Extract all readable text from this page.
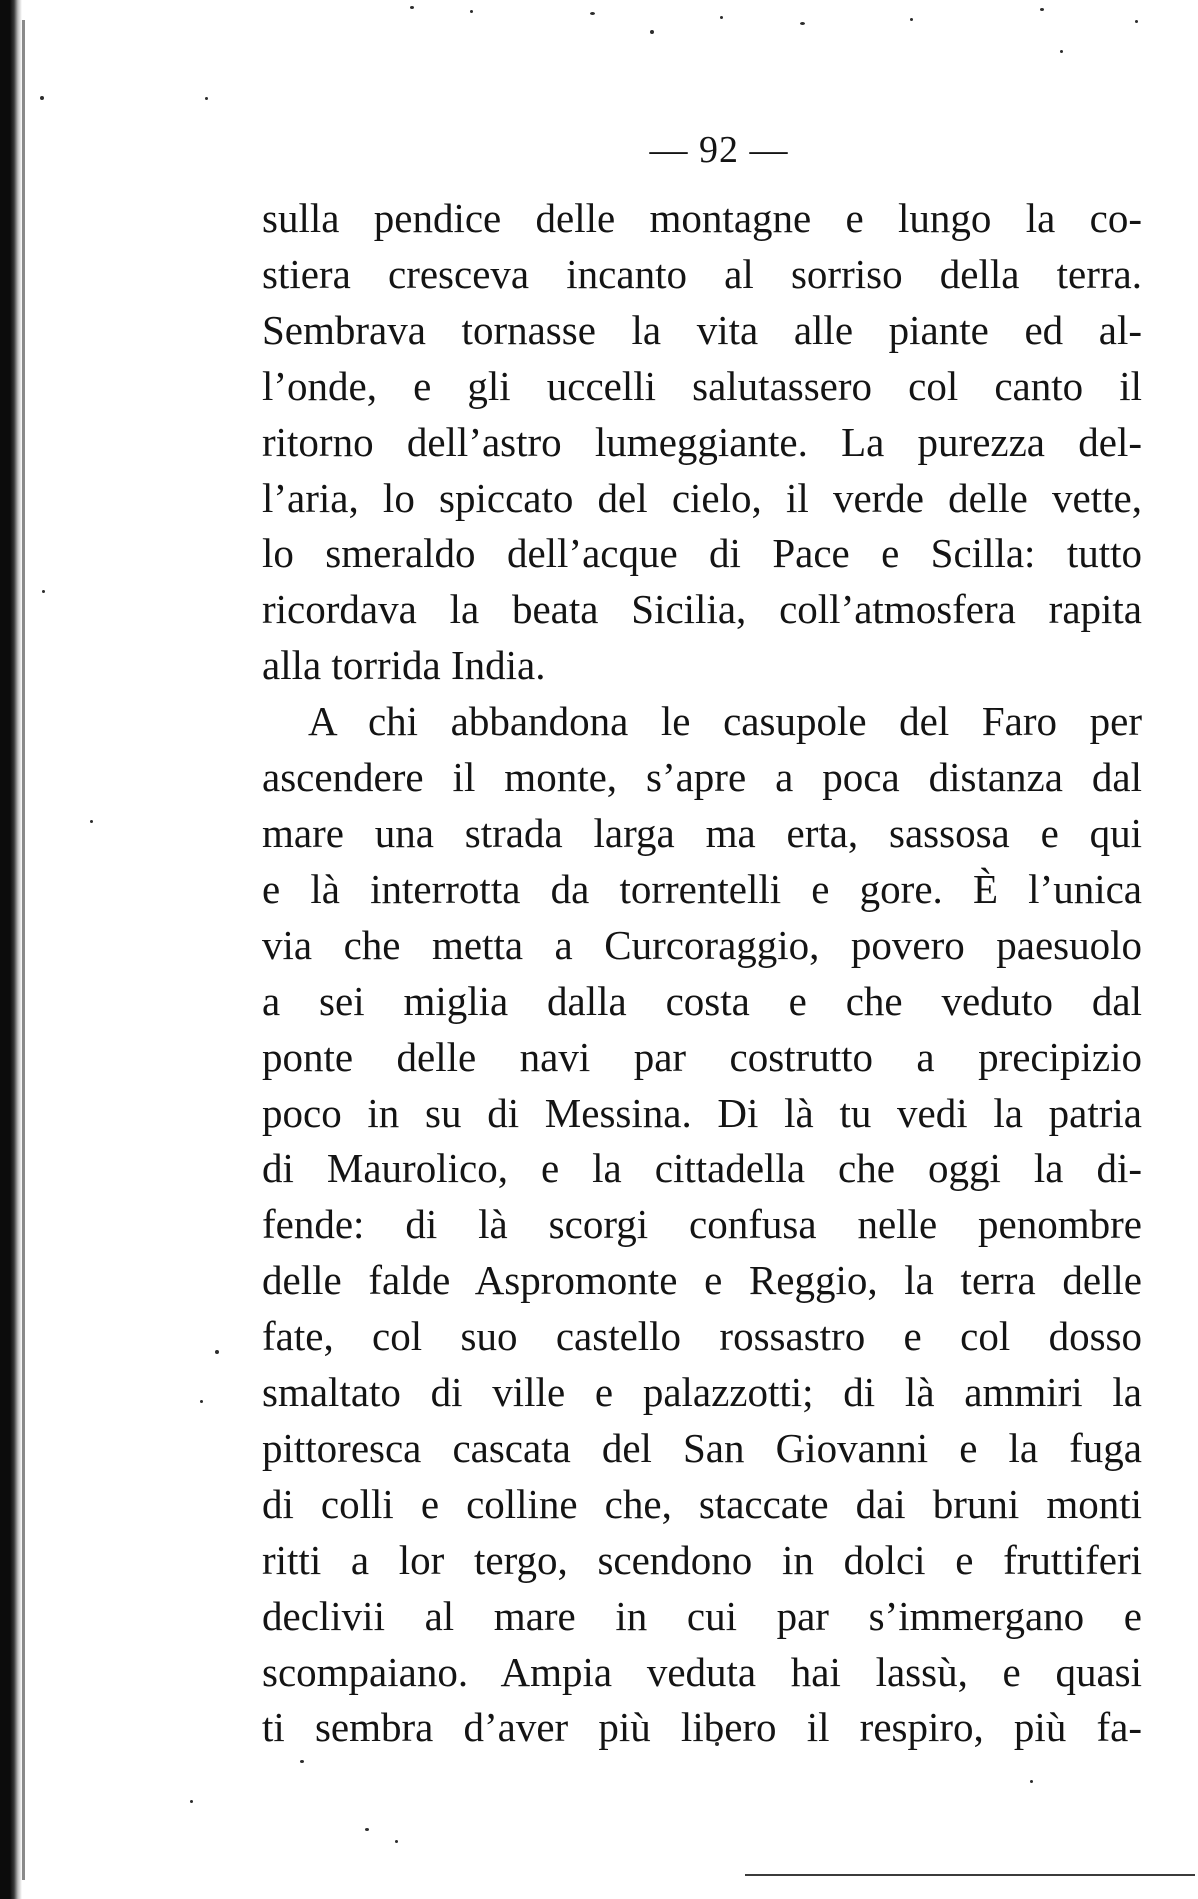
— 92 —
sulla pendice delle montagne e lungo la co-
stiera cresceva incanto al sorriso della terra.
Sembrava tornasse la vita alle piante ed al-
l’onde, e gli uccelli salutassero col canto il
ritorno dell’astro lumeggiante. La purezza del-
l’aria, lo spiccato del cielo, il verde delle vette,
lo smeraldo dell’acque di Pace e Scilla: tutto
ricordava la beata Sicilia, coll’atmosfera rapita
alla torrida India.
A chi abbandona le casupole del Faro per
ascendere il monte, s’apre a poca distanza dal
mare una strada larga ma erta, sassosa e qui
e là interrotta da torrentelli e gore. È l’unica
via che metta a Curcoraggio, povero paesuolo
a sei miglia dalla costa e che veduto dal
ponte delle navi par costrutto a precipizio
poco in su di Messina. Di là tu vedi la patria
di Maurolico, e la cittadella che oggi la di-
fende: di là scorgi confusa nelle penombre
delle falde Aspromonte e Reggio, la terra delle
fate, col suo castello rossastro e col dosso
smaltato di ville e palazzotti; di là ammiri la
pittoresca cascata del San Giovanni e la fuga
di colli e colline che, staccate dai bruni monti
ritti a lor tergo, scendono in dolci e fruttiferi
declivii al mare in cui par s’immergano e
scompaiano. Ampia veduta hai lassù, e quasi
ti sembra d’aver più libero il respiro, più fa-
